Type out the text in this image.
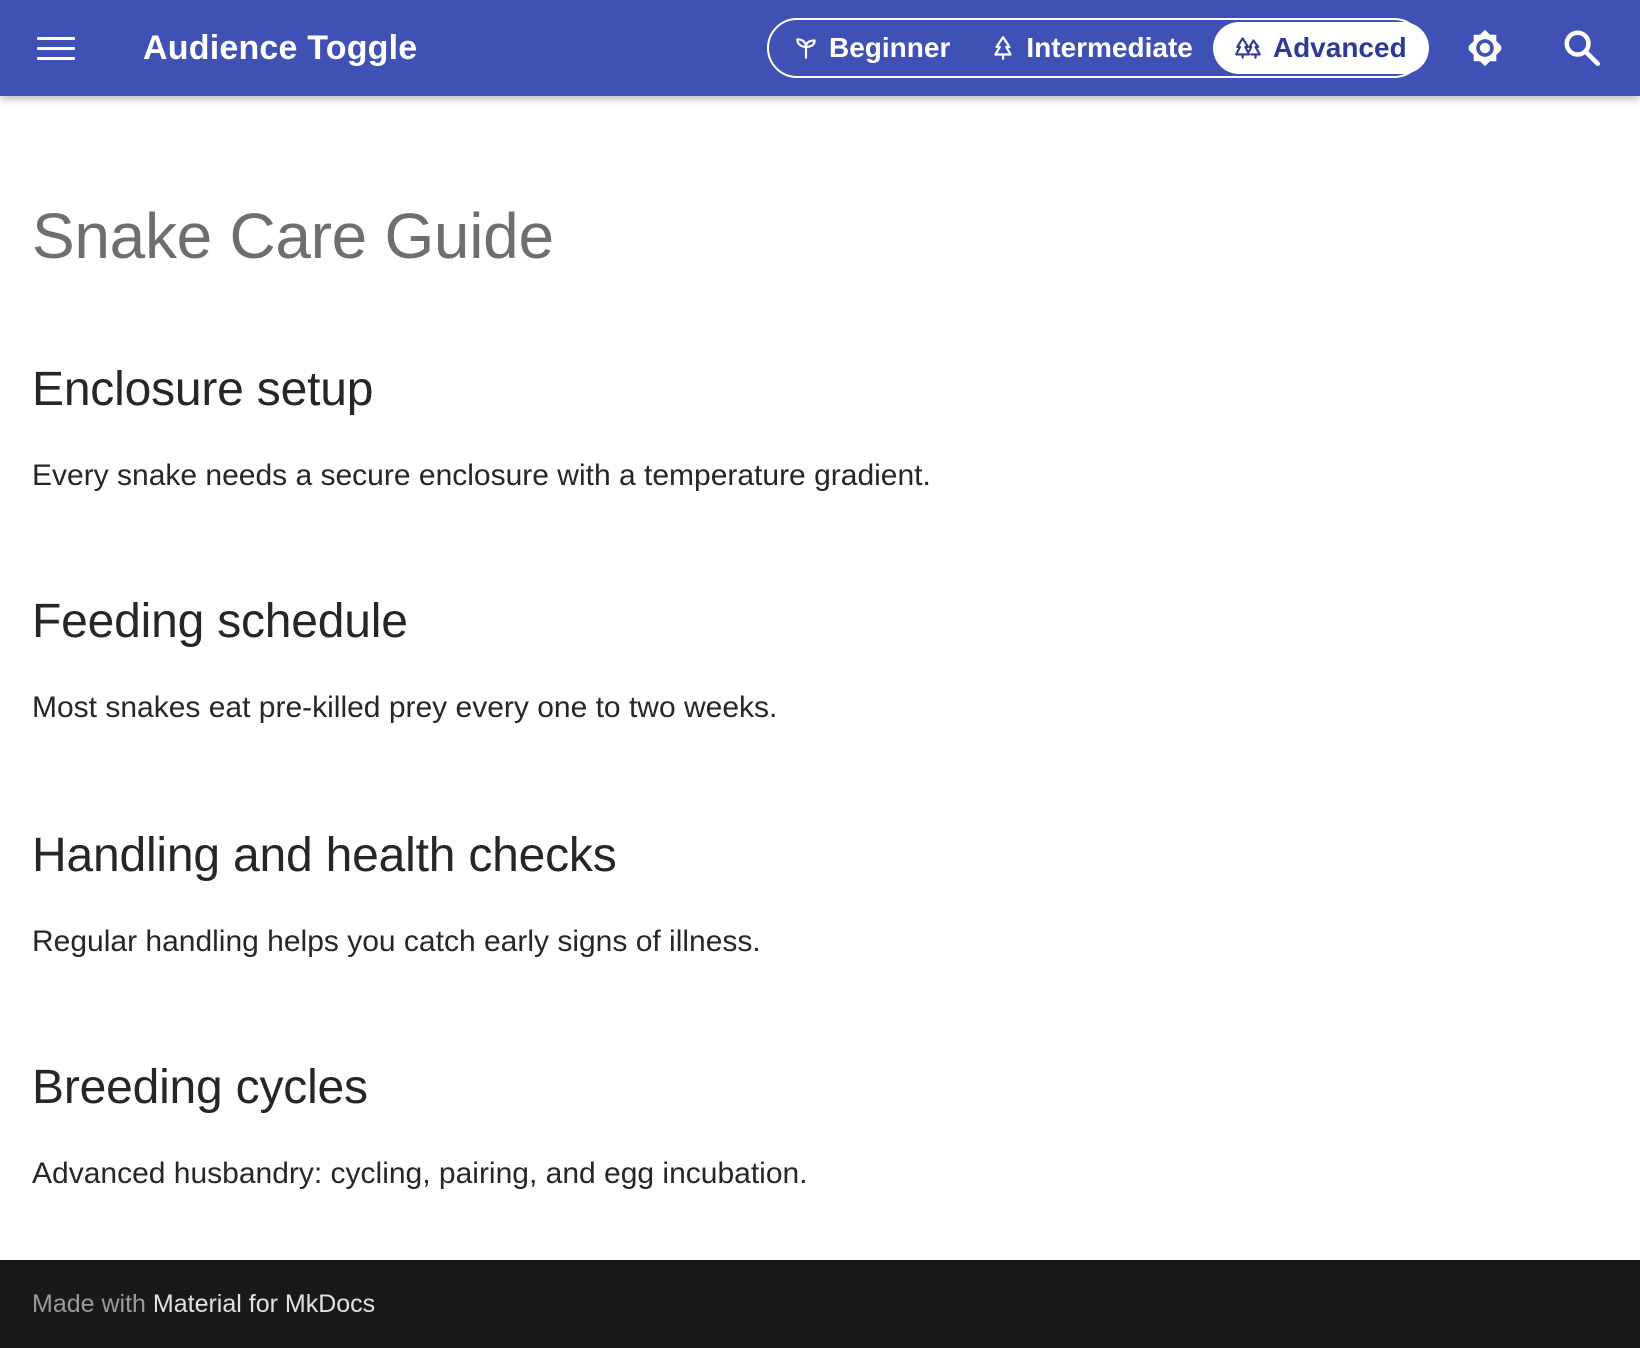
Audience Toggle	Beginner	Intermediate	Advanced
Snake Care Guide
Enclosure setup

Every snake needs a secure enclosure with a temperature gradient.

Feeding schedule

Most snakes eat pre-killed prey every one to two weeks.

Handling and health checks

Regular handling helps you catch early signs of illness.

Breeding cycles

Advanced husbandry: cycling, pairing, and egg incubation.

Made with Material for MkDocs
